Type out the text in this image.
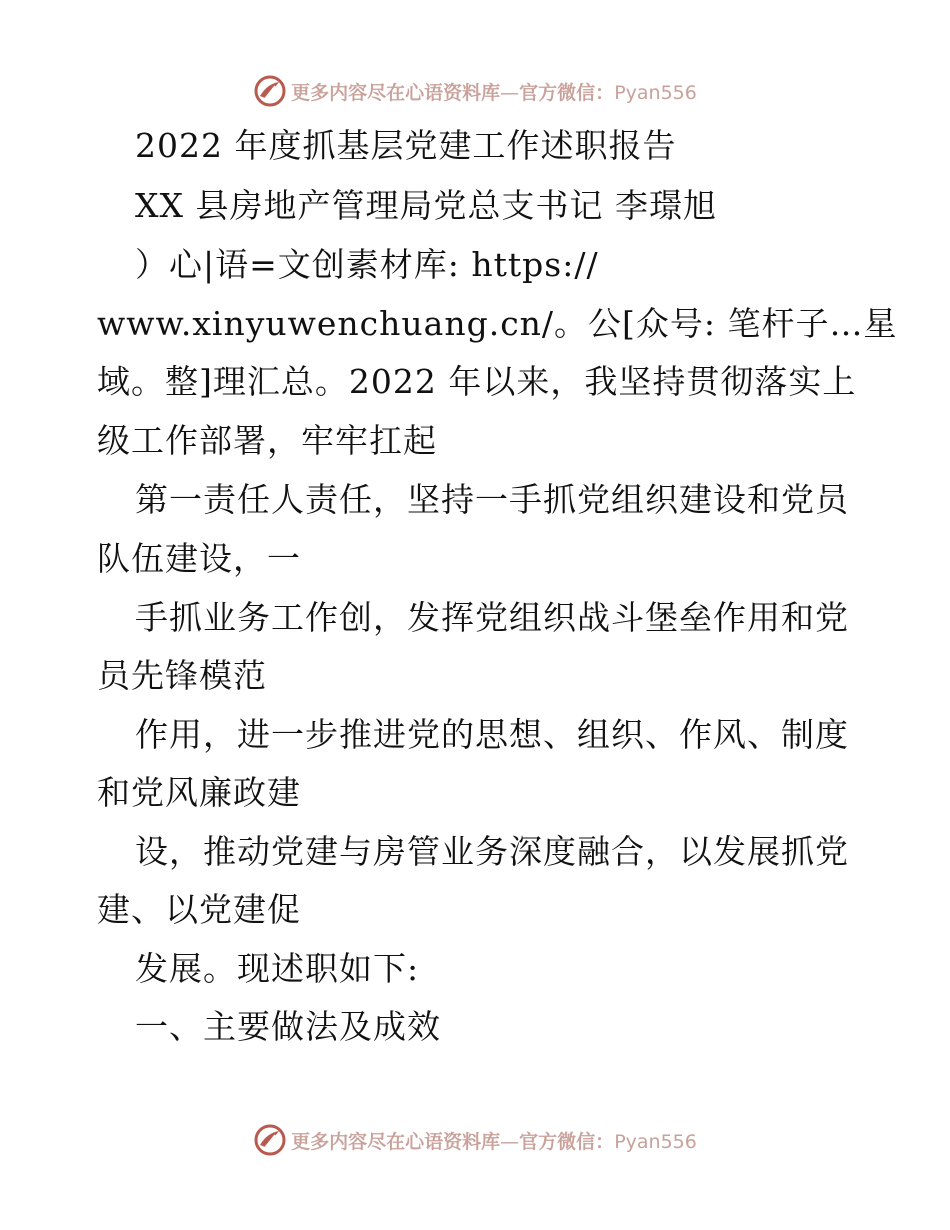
更多内容尽在心语资料库—官方微信：Pyan556
2022 年度抓基层党建工作述职报告
XX 县房地产管理局党总支书记 李璟旭
）心|语=文创素材库: https://
www.xinyuwenchuang.cn/。公[众号: 笔杆子…星
域。整]理汇总。2022 年以来，我坚持贯彻落实上
级工作部署，牢牢扛起
第一责任人责任，坚持一手抓党组织建设和党员
队伍建设，一
手抓业务工作创，发挥党组织战斗堡垒作用和党
员先锋模范
作用，进一步推进党的思想、组织、作风、制度
和党风廉政建
设，推动党建与房管业务深度融合，以发展抓党
建、以党建促
发展。现述职如下:
一、主要做法及成效
更多内容尽在心语资料库—官方微信：Pyan556
